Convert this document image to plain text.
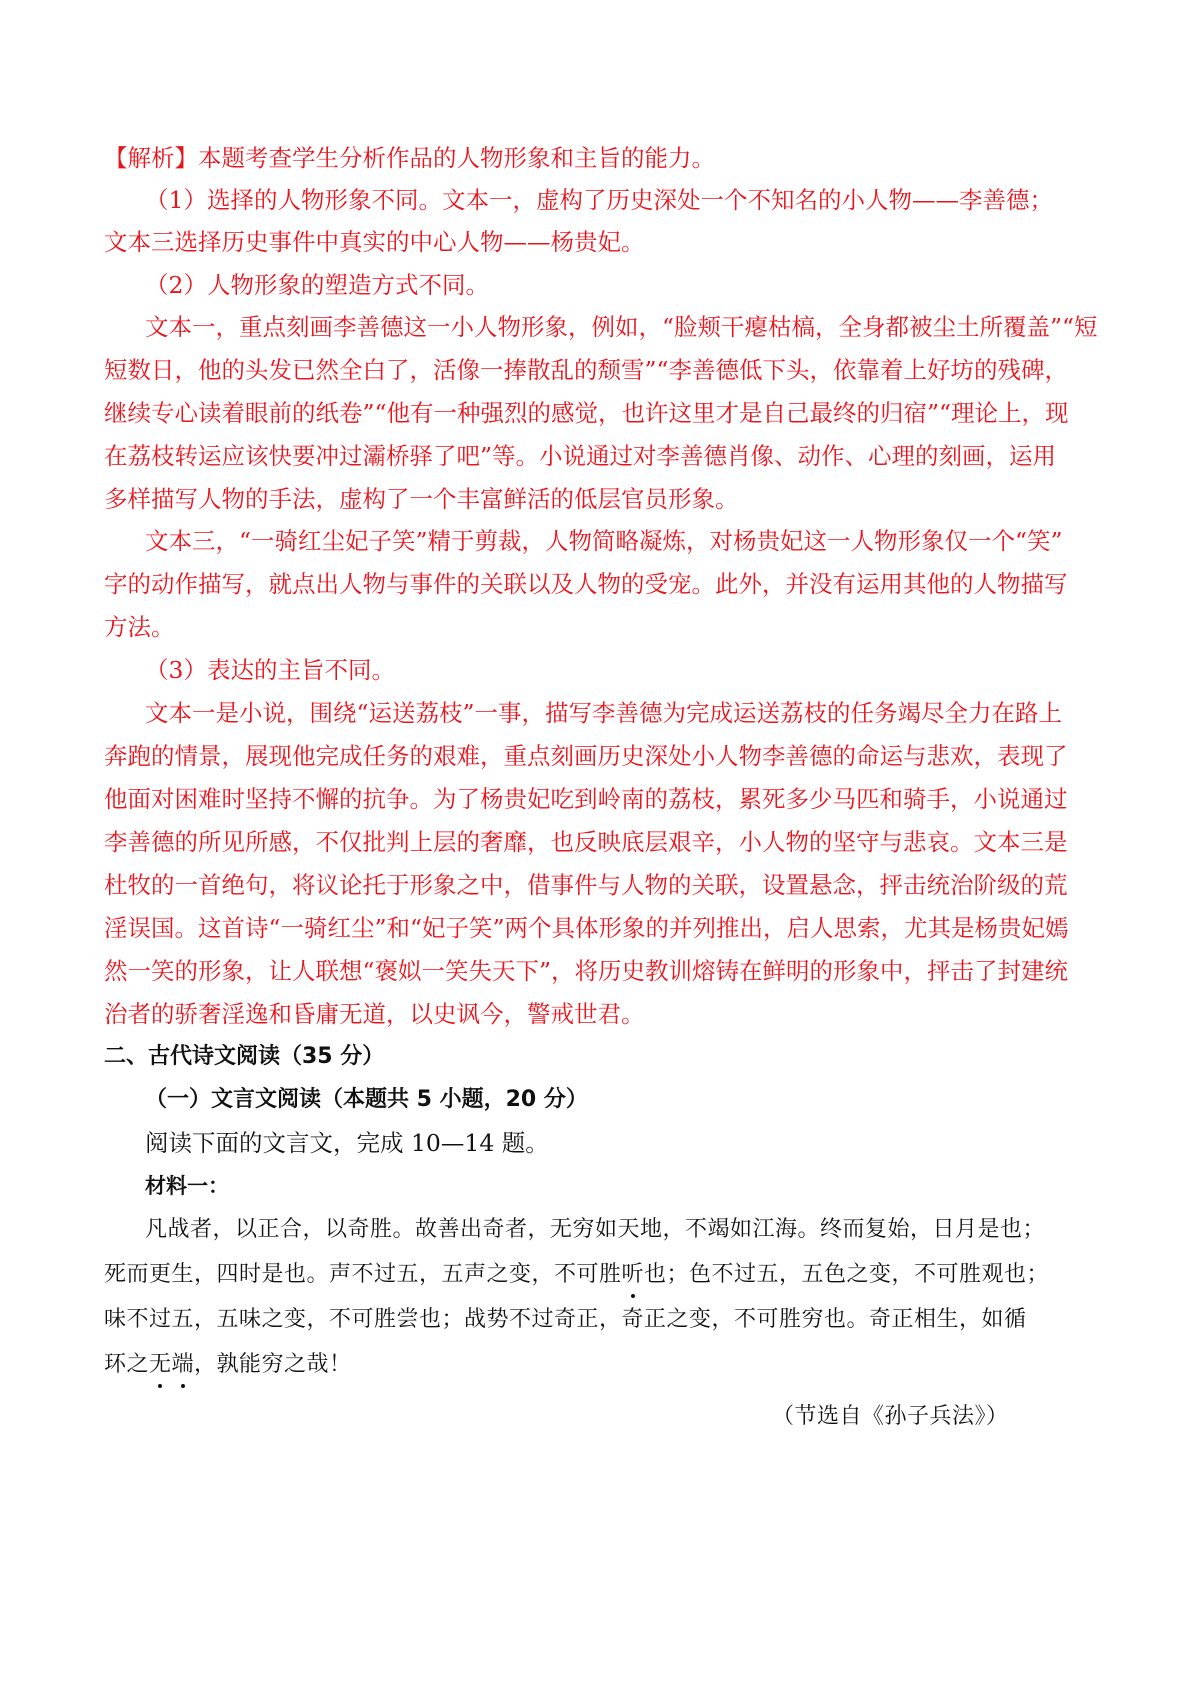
【解析】本题考查学生分析作品的人物形象和主旨的能力。
（1）选择的人物形象不同。文本一，虚构了历史深处一个不知名的小人物——李善德；
文本三选择历史事件中真实的中心人物——杨贵妃。
（2）人物形象的塑造方式不同。
文本一，重点刻画李善德这一小人物形象，例如，“脸颊干瘪枯槁，全身都被尘土所覆盖”“短
短数日，他的头发已然全白了，活像一捧散乱的颓雪”“李善德低下头，依靠着上好坊的残碑，
继续专心读着眼前的纸卷”“他有一种强烈的感觉，也许这里才是自己最终的归宿”“理论上，现
在荔枝转运应该快要冲过灞桥驿了吧”等。小说通过对李善德肖像、动作、心理的刻画，运用
多样描写人物的手法，虚构了一个丰富鲜活的低层官员形象。
文本三，“一骑红尘妃子笑”精于剪裁，人物简略凝炼，对杨贵妃这一人物形象仅一个“笑”
字的动作描写，就点出人物与事件的关联以及人物的受宠。此外，并没有运用其他的人物描写
方法。
（3）表达的主旨不同。
文本一是小说，围绕“运送荔枝”一事，描写李善德为完成运送荔枝的任务竭尽全力在路上
奔跑的情景，展现他完成任务的艰难，重点刻画历史深处小人物李善德的命运与悲欢，表现了
他面对困难时坚持不懈的抗争。为了杨贵妃吃到岭南的荔枝，累死多少马匹和骑手，小说通过
李善德的所见所感，不仅批判上层的奢靡，也反映底层艰辛，小人物的坚守与悲哀。文本三是
杜牧的一首绝句，将议论托于形象之中，借事件与人物的关联，设置悬念，抨击统治阶级的荒
淫误国。这首诗“一骑红尘”和“妃子笑”两个具体形象的并列推出，启人思索，尤其是杨贵妃嫣
然一笑的形象，让人联想“褒姒一笑失天下”，将历史教训熔铸在鲜明的形象中，抨击了封建统
治者的骄奢淫逸和昏庸无道，以史讽今，警戒世君。
二、古代诗文阅读（35 分）
（一）文言文阅读（本题共 5 小题，20 分）
阅读下面的文言文，完成 10—14 题。
材料一：
凡战者，以正合，以奇胜。故善出奇者，无穷如天地，不竭如江海。终而复始，日月是也；
死而更生，四时是也。声不过五，五声之变，不可胜听也；色不过五，五色之变，不可胜观也；
味不过五，五味之变，不可胜尝也；战势不过奇正，奇正之变，不可胜穷也。奇正相生，如循
环之无端，孰能穷之哉！
（节选自《孙子兵法》）
